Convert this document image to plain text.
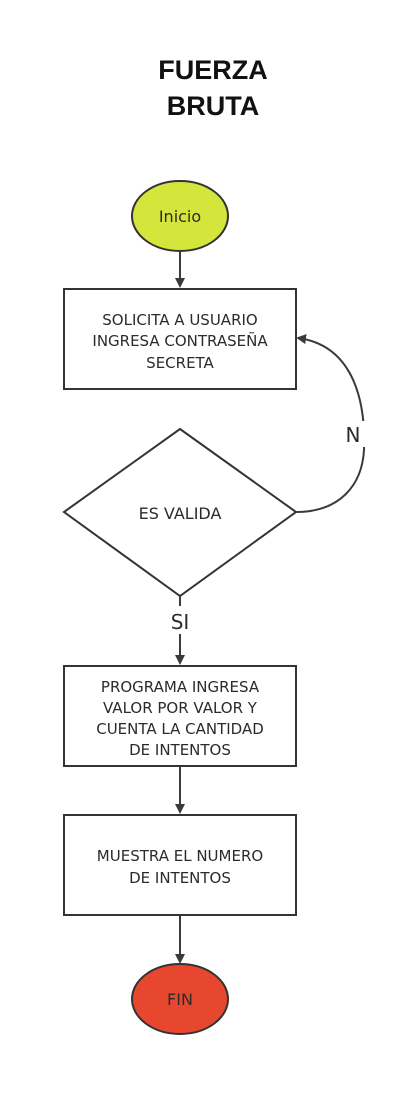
FUERZA
BRUTA
Inicio
SOLICITA A USUARIO
INGRESA CONTRASEÑA
SECRETA
ES VALIDA
N
SI
PROGRAMA INGRESA
VALOR POR VALOR Y
CUENTA LA CANTIDAD
DE INTENTOS
MUESTRA EL NUMERO
DE INTENTOS
FIN
